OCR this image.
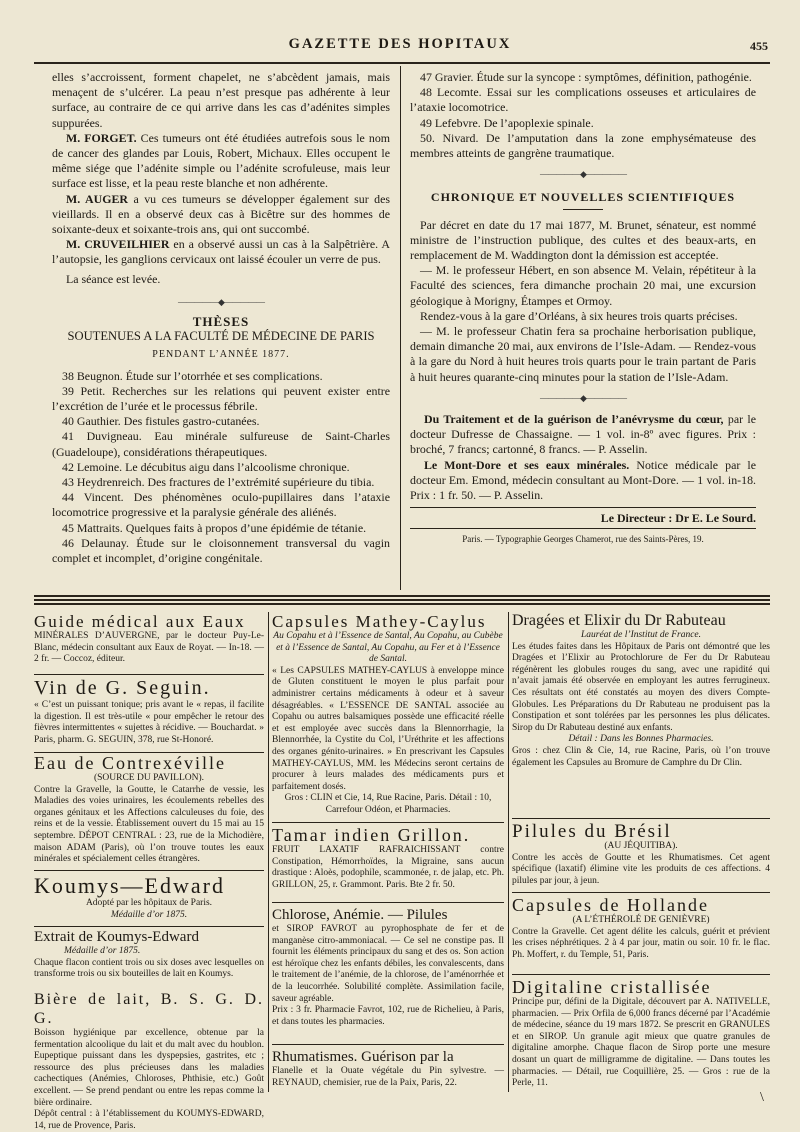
GAZETTE DES HOPITAUX	455

elles s’accroissent, forment chapelet, ne s’abcèdent jamais, mais menaçent de s’ulcérer. La peau n’est presque pas adhérente à leur surface, au contraire de ce qui arrive dans les cas d’adénites simples suppurées.

M. FORGET. Ces tumeurs ont été étudiées autrefois sous le nom de cancer des glandes par Louis, Robert, Michaux. Elles occupent le même siége que l’adénite simple ou l’adénite scrofuleuse, mais leur surface est lisse, et la peau reste blanche et non adhérente.

M. AUGER a vu ces tumeurs se développer également sur des vieillards. Il en a observé deux cas à Bicêtre sur des hommes de soixante-deux et soixante-trois ans, qui ont succombé.

M. CRUVEILHIER en a observé aussi un cas à la Salpêtrière. A l’autopsie, les ganglions cervicaux ont laissé écouler un verre de pus.

La séance est levée.

—————◆—————
THÈSES
SOUTENUES A LA FACULTÉ DE MÉDECINE DE PARIS
PENDANT L’ANNÉE 1877.

38 Beugnon. Étude sur l’otorrhée et ses complications.

39 Petit. Recherches sur les relations qui peuvent exister entre l’excrétion de l’urée et le processus fébrile.

40 Gauthier. Des fistules gastro-cutanées.

41 Duvigneau. Eau minérale sulfureuse de Saint-Charles (Guadeloupe), considérations thérapeutiques.

42 Lemoine. Le décubitus aigu dans l’alcoolisme chronique.

43 Heydrenreich. Des fractures de l’extrémité supérieure du tibia.

44 Vincent. Des phénomènes oculo-pupillaires dans l’ataxie locomotrice progressive et la paralysie générale des aliénés.

45 Mattraits. Quelques faits à propos d’une épidémie de tétanie.

46 Delaunay. Étude sur le cloisonnement transversal du vagin complet et incomplet, d’origine congénitale.

47 Gravier. Étude sur la syncope : symptômes, définition, pathogénie.

48 Lecomte. Essai sur les complications osseuses et articulaires de l’ataxie locomotrice.

49 Lefebvre. De l’apoplexie spinale.

50. Nivard. De l’amputation dans la zone emphysémateuse des membres atteints de gangrène traumatique.

—————◆—————
CHRONIQUE ET NOUVELLES SCIENTIFIQUES

Par décret en date du 17 mai 1877, M. Brunet, sénateur, est nommé ministre de l’instruction publique, des cultes et des beaux-arts, en remplacement de M. Waddington dont la démission est acceptée.

— M. le professeur Hébert, en son absence M. Velain, répétiteur à la Faculté des sciences, fera dimanche prochain 20 mai, une excursion géologique à Morigny, Étampes et Ormoy.

Rendez-vous à la gare d’Orléans, à six heures trois quarts précises.

— M. le professeur Chatin fera sa prochaine herborisation publique, demain dimanche 20 mai, aux environs de l’Isle-Adam. — Rendez-vous à la gare du Nord à huit heures trois quarts pour le train partant de Paris à huit heures quarante-cinq minutes pour la station de l’Isle-Adam.

—————◆—————

Du Traitement et de la guérison de l’anévrysme du cœur, par le docteur Dufresse de Chassaigne. — 1 vol. in-8º avec figures. Prix : broché, 7 francs; cartonné, 8 francs. — P. Asselin.

Le Mont-Dore et ses eaux minérales. Notice médicale par le docteur Em. Emond, médecin consultant au Mont-Dore. — 1 vol. in-18. Prix : 1 fr. 50. — P. Asselin.

Le Directeur : Dr E. Le Sourd.

Paris. — Typographie Georges Chamerot, rue des Saints-Pères, 19.

Guide médical aux Eaux

MINÉRALES D’AUVERGNE, par le docteur Puy-Le-Blanc, médecin consultant aux Eaux de Royat. — In-18. — 2 fr. — Coccoz, éditeur.

Vin de G. Seguin.

« C’est un puissant tonique; pris avant le « repas, il facilite la digestion. Il est très-utile « pour empêcher le retour des fièvres intermittentes « sujettes à récidive. — Bouchardat. » Paris, pharm. G. SEGUIN, 378, rue St-Honoré.

Eau de Contrexéville

(SOURCE DU PAVILLON).

Contre la Gravelle, la Goutte, le Catarrhe de vessie, les Maladies des voies urinaires, les écoulements rebelles des organes génitaux et les Affections calculeuses du foie, des reins et de la vessie. Établissement ouvert du 15 mai au 15 septembre. DÉPOT CENTRAL : 23, rue de la Michodière, maison ADAM (Paris), où l’on trouve toutes les eaux minérales et spécialement celles étrangères.

Koumys—Edward

Adopté par les hôpitaux de Paris.

Médaille d’or 1875.

Extrait de Koumys-Edward

Médaille d’or 1875.

Chaque flacon contient trois ou six doses avec lesquelles on transforme trois ou six bouteilles de lait en Koumys.

Bière de lait, B. S. G. D. G.

Boisson hygiénique par excellence, obtenue par la fermentation alcoolique du lait et du malt avec du houblon. Eupeptique puissant dans les dyspepsies, gastrites, etc ; ressource des plus précieuses dans les maladies cachectiques (Anémies, Chloroses, Phthisie, etc.) Goût excellent. — Se prend pendant ou entre les repas comme la bière ordinaire.

Dépôt central : à l’établissement du KOUMYS-EDWARD, 14, rue de Provence, Paris.

Capsules Mathey-Caylus

Au Copahu et à l’Essence de Santal, Au Copahu, au Cubèbe et à l’Essence de Santal, Au Copahu, au Fer et à l’Essence de Santal.

« Les CAPSULES MATHEY-CAYLUS à enveloppe mince de Gluten constituent le moyen le plus parfait pour administrer certains médicaments à odeur et à saveur désagréables. « L’ESSENCE DE SANTAL associée au Copahu ou autres balsamiques possède une efficacité réelle et est employée avec succès dans la Blennorrhagie, la Blennorrhée, la Cystite du Col, l’Uréthrite et les affections des organes génito-urinaires. » En prescrivant les Capsules MATHEY-CAYLUS, MM. les Médecins seront certains de procurer à leurs malades des médicaments purs et parfaitement dosés.

Gros : CLIN et Cie, 14, Rue Racine, Paris. Détail : 10, Carrefour Odéon, et Pharmacies.

Tamar indien Grillon.

FRUIT LAXATIF RAFRAICHISSANT contre Constipation, Hémorrhoïdes, la Migraine, sans aucun drastique : Aloès, podophile, scammonée, r. de jalap, etc. Ph. GRILLON, 25, r. Grammont. Paris. Bte 2 fr. 50.

Chlorose, Anémie. — Pilules

et SIROP FAVROT au pyrophosphate de fer et de manganèse citro-ammoniacal. — Ce sel ne constipe pas. Il fournit les éléments principaux du sang et des os. Son action est héroïque chez les enfants débiles, les convalescents, dans le traitement de l’anémie, de la chlorose, de l’aménorrhée et de la leucorrhée. Solubilité complète. Assimilation facile, saveur agréable.

Prix : 3 fr. Pharmacie Favrot, 102, rue de Richelieu, à Paris, et dans toutes les pharmacies.

Rhumatismes. Guérison par la

Flanelle et la Ouate végétale du Pin sylvestre. — REYNAUD, chemisier, rue de la Paix, Paris, 22.

Dragées et Elixir du Dr Rabuteau

Lauréat de l’Institut de France.

Les études faites dans les Hôpitaux de Paris ont démontré que les Dragées et l’Elixir au Protochlorure de Fer du Dr Rabuteau régénèrent les globules rouges du sang, avec une rapidité qui n’avait jamais été observée en employant les autres ferrugineux. Ces résultats ont été constatés au moyen des divers Compte-Globules. Les Préparations du Dr Rabuteau ne produisent pas la Constipation et sont tolérées par les personnes les plus délicates. Sirop du Dr Rabuteau destiné aux enfants.

Détail : Dans les Bonnes Pharmacies.

Gros : chez Clin & Cie, 14, rue Racine, Paris, où l’on trouve également les Capsules au Bromure de Camphre du Dr Clin.

Pilules du Brésil

(AU JÉQUITIBA).

Contre les accès de Goutte et les Rhumatismes. Cet agent spécifique (laxatif) élimine vite les produits de ces affections. 4 pilules par jour, à jeun.

Capsules de Hollande

(A L’ÉTHÉROLÉ DE GENIÈVRE)

Contre la Gravelle. Cet agent délite les calculs, guérit et prévient les crises néphrétiques. 2 à 4 par jour, matin ou soir. 10 fr. le flac. Ph. Moffert, r. du Temple, 51, Paris.

Digitaline cristallisée

Principe pur, défini de la Digitale, découvert par A. NATIVELLE, pharmacien. — Prix Orfila de 6,000 francs décerné par l’Académie de médecine, séance du 19 mars 1872. Se prescrit en GRANULES et en SIROP. Un granule agit mieux que quatre granules de digitaline amorphe. Chaque flacon de Sirop porte une mesure dosant un quart de milligramme de digitaline. — Dans toutes les pharmacies. — Détail, rue Coquillière, 25. — Gros : rue de la Perle, 11.

\
